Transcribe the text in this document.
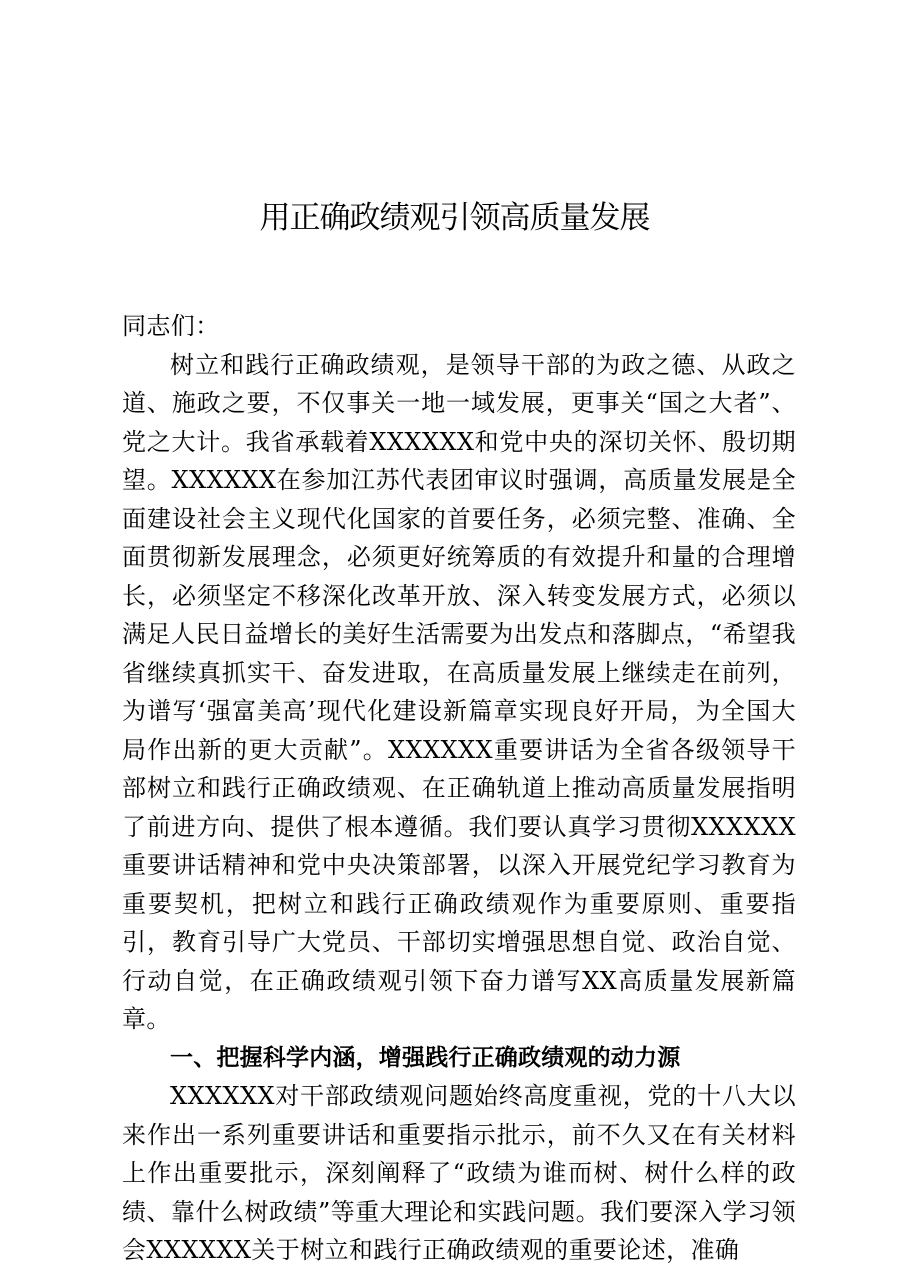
用正确政绩观引领高质量发展

同志们：

树立和践行正确政绩观，是领导干部的为政之德、从政之道、施政之要，不仅事关一地一域发展，更事关“国之大者”、党之大计。我省承载着XXXXXX和党中央的深切关怀、殷切期望。XXXXXX在参加江苏代表团审议时强调，高质量发展是全面建设社会主义现代化国家的首要任务，必须完整、准确、全面贯彻新发展理念，必须更好统筹质的有效提升和量的合理增长，必须坚定不移深化改革开放、深入转变发展方式，必须以满足人民日益增长的美好生活需要为出发点和落脚点，“希望我省继续真抓实干、奋发进取，在高质量发展上继续走在前列，为谱写‘强富美高’现代化建设新篇章实现良好开局，为全国大局作出新的更大贡献”。XXXXXX重要讲话为全省各级领导干部树立和践行正确政绩观、在正确轨道上推动高质量发展指明了前进方向、提供了根本遵循。我们要认真学习贯彻XXXXXX重要讲话精神和党中央决策部署，以深入开展党纪学习教育为重要契机，把树立和践行正确政绩观作为重要原则、重要指引，教育引导广大党员、干部切实增强思想自觉、政治自觉、行动自觉，在正确政绩观引领下奋力谱写XX高质量发展新篇章。

一、把握科学内涵，增强践行正确政绩观的动力源

XXXXXX对干部政绩观问题始终高度重视，党的十八大以来作出一系列重要讲话和重要指示批示，前不久又在有关材料上作出重要批示，深刻阐释了“政绩为谁而树、树什么样的政绩、靠什么树政绩”等重大理论和实践问题。我们要深入学习领会XXXXXX关于树立和践行正确政绩观的重要论述，准确
